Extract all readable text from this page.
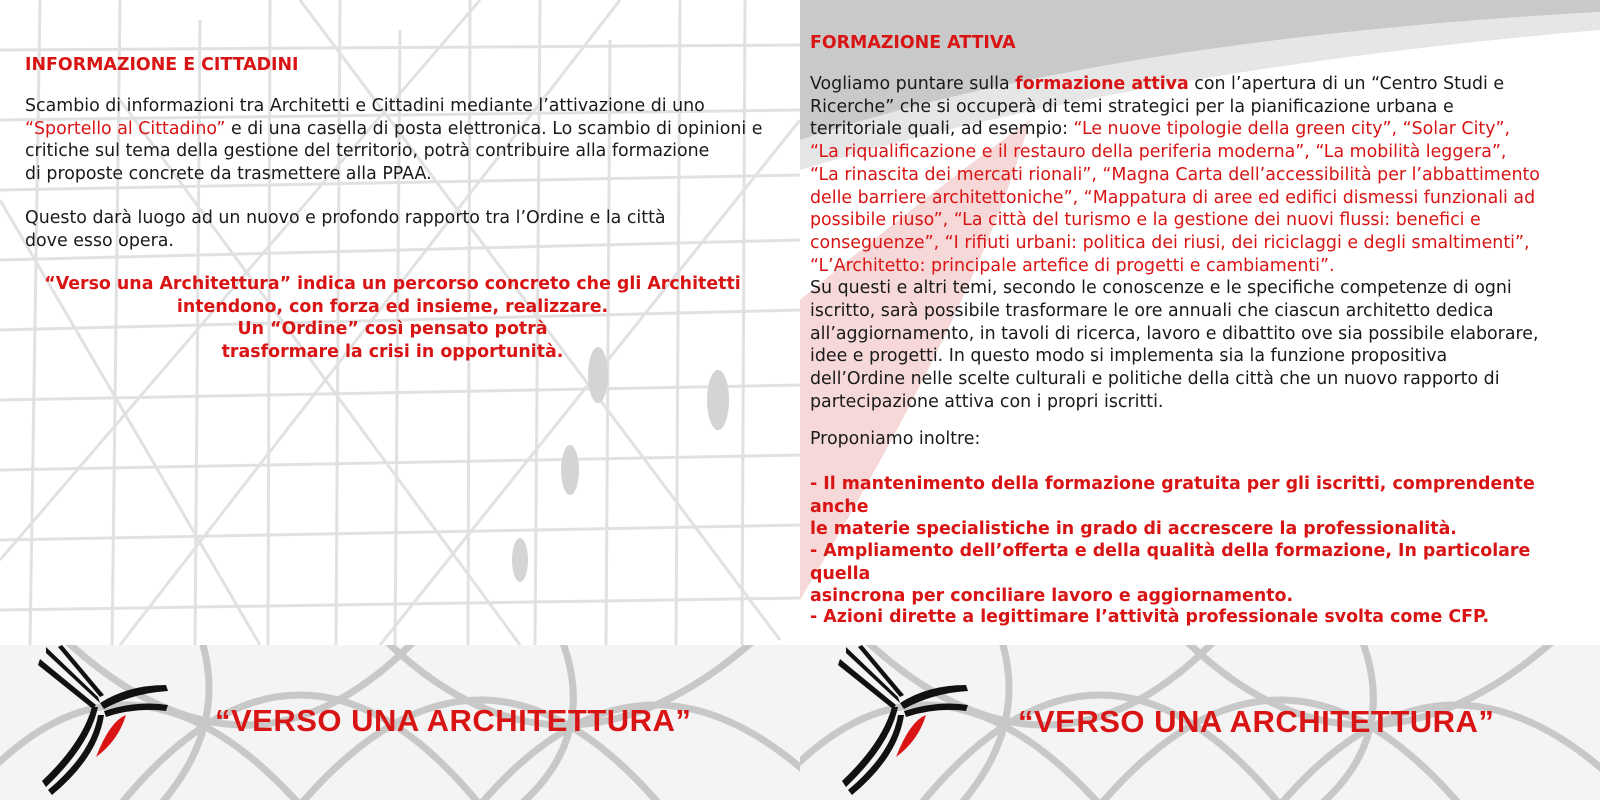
INFORMAZIONE E CITTADINI
Scambio di informazioni tra Architetti e Cittadini mediante l’attivazione di uno
“Sportello al Cittadino” e di una casella di posta elettronica. Lo scambio di opinioni e
critiche sul tema della gestione del territorio, potrà contribuire alla formazione
di proposte concrete da trasmettere alla PPAA.
Questo darà luogo ad un nuovo e profondo rapporto tra l’Ordine e la città
dove esso opera.
“Verso una Architettura” indica un percorso concreto che gli Architetti
intendono, con forza ed insieme, realizzare.
Un “Ordine” così pensato potrà
trasformare la crisi in opportunità.
“VERSO UNA ARCHITETTURA”
FORMAZIONE ATTIVA
Vogliamo puntare sulla formazione attiva con l’apertura di un “Centro Studi e
Ricerche” che si occuperà di temi strategici per la pianificazione urbana e
territoriale quali, ad esempio: “Le nuove tipologie della green city”, “Solar City”,
“La riqualificazione e il restauro della periferia moderna”, “La mobilità leggera”,
“La rinascita dei mercati rionali”, “Magna Carta dell’accessibilità per l’abbattimento
delle barriere architettoniche”, “Mappatura di aree ed edifici dismessi funzionali ad
possibile riuso”, “La città del turismo e la gestione dei nuovi flussi: benefici e
conseguenze”, “I rifiuti urbani: politica dei riusi, dei riciclaggi e degli smaltimenti”,
“L’Architetto: principale artefice di progetti e cambiamenti”.
Su questi e altri temi, secondo le conoscenze e le specifiche competenze di ogni
iscritto, sarà possibile trasformare le ore annuali che ciascun architetto dedica
all’aggiornamento, in tavoli di ricerca, lavoro e dibattito ove sia possibile elaborare,
idee e progetti. In questo modo si implementa sia la funzione propositiva
dell’Ordine nelle scelte culturali e politiche della città che un nuovo rapporto di
partecipazione attiva con i propri iscritti.
Proponiamo inoltre:
- Il mantenimento della formazione gratuita per gli iscritti, comprendente anche
le materie specialistiche in grado di accrescere la professionalità.
- Ampliamento dell’offerta e della qualità della formazione, In particolare quella
asincrona per conciliare lavoro e aggiornamento.
- Azioni dirette a legittimare l’attività professionale svolta come CFP.
“VERSO UNA ARCHITETTURA”
